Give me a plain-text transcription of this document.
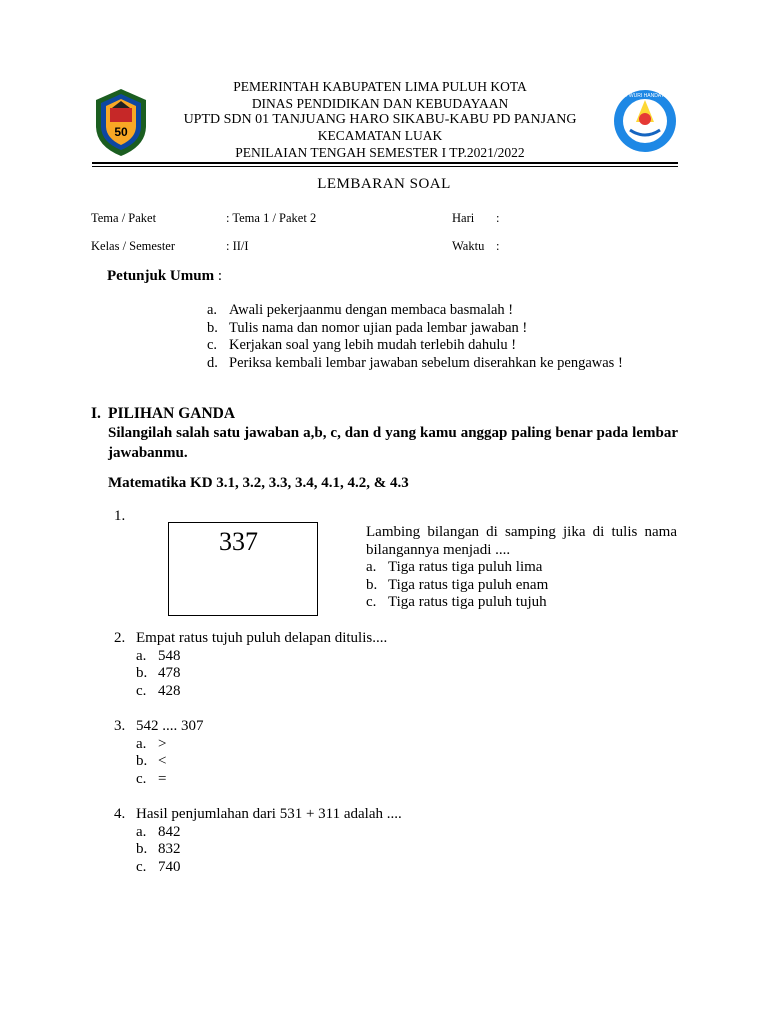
50
TUT WURI HANDAYANI
PEMERINTAH KABUPATEN LIMA PULUH KOTA
DINAS PENDIDIKAN DAN KEBUDAYAAN
UPTD SDN 01 TANJUANG HARO SIKABU-KABU PD PANJANG
KECAMATAN LUAK
PENILAIAN TENGAH SEMESTER I TP.2021/2022
LEMBARAN SOAL
Tema / Paket	: Tema 1 / Paket 2	Hari :
Kelas / Semester	: II/I	Waktu :
Petunjuk Umum :
a. Awali pekerjaanmu dengan membaca basmalah !
b. Tulis nama dan nomor ujian pada lembar jawaban !
c. Kerjakan soal yang lebih mudah terlebih dahulu !
d. Periksa kembali lembar jawaban sebelum diserahkan ke pengawas !
I. PILIHAN GANDA
Silangilah salah satu jawaban a,b, c, dan d yang kamu anggap paling benar pada lembar jawabanmu.
Matematika KD 3.1, 3.2, 3.3, 3.4, 4.1, 4.2, & 4.3
1.
337	Lambing bilangan di samping jika di tulis nama bilangannya menjadi ....
a. Tiga ratus tiga puluh lima
b. Tiga ratus tiga puluh enam
c. Tiga ratus tiga puluh tujuh
2. Empat ratus tujuh puluh delapan ditulis....
a. 548
b. 478
c. 428
3. 542 .... 307
a. >
b. <
c. =
4. Hasil penjumlahan dari 531 + 311 adalah ....
a. 842
b. 832
c. 740
